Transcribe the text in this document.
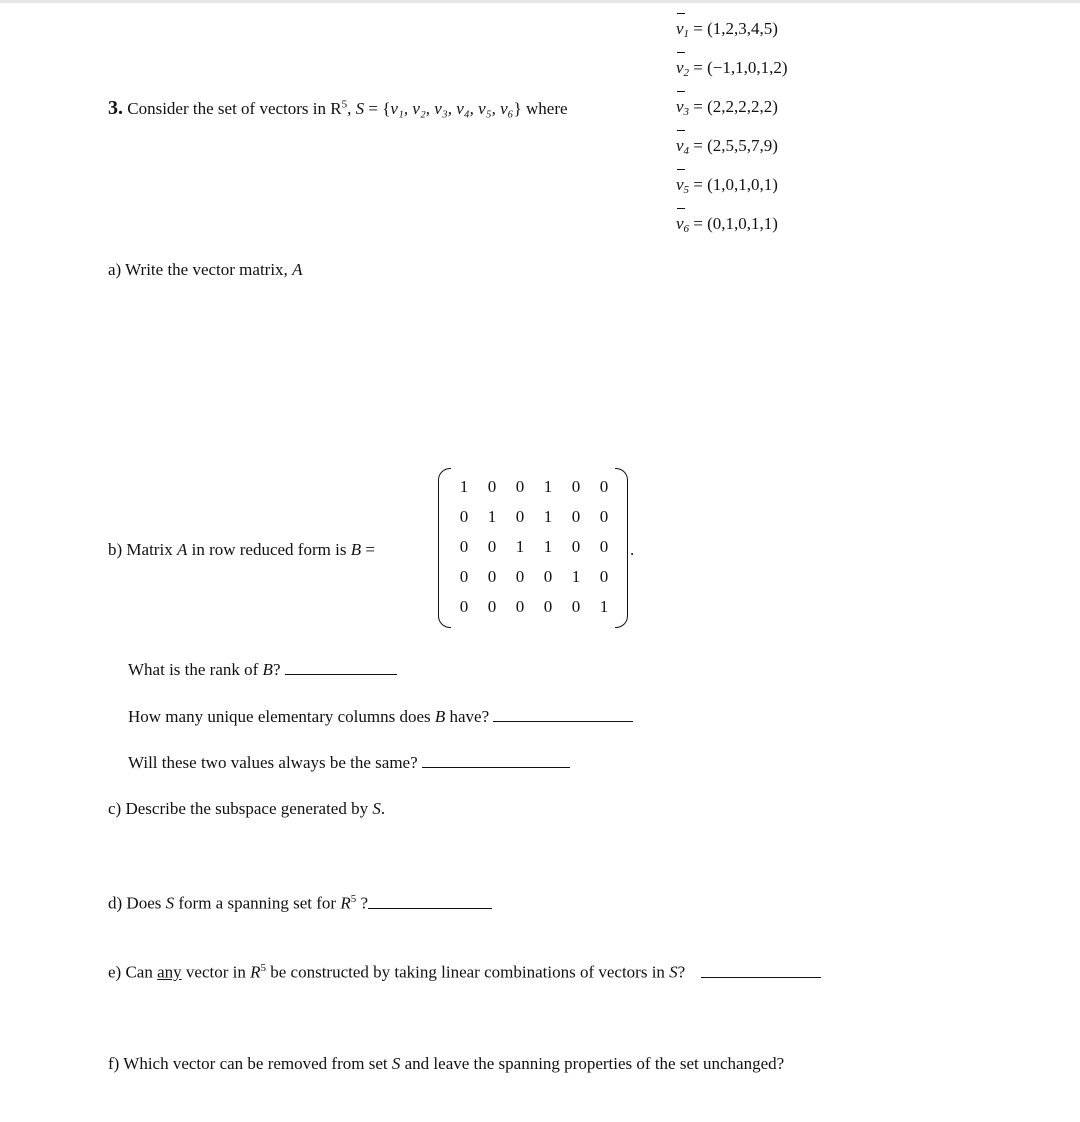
v1 = (1,2,3,4,5)
v2 = (−1,1,0,1,2)
v3 = (2,2,2,2,2)
v4 = (2,5,5,7,9)
v5 = (1,0,1,0,1)
v6 = (0,1,0,1,1)
3. Consider the set of vectors in $R^5$, S = {v₁, v₂, v₃, v₄, v₅, v₆} where
a) Write the vector matrix, A
b) Matrix A in row reduced form is B =
1	0	0	1	0	0
0	1	0	1	0	0
0	0	1	1	0	0
0	0	0	0	1	0
0	0	0	0	0	1
.
What is the rank of B?
How many unique elementary columns does B have?
Will these two values always be the same?
c) Describe the subspace generated by S.
d) Does S form a spanning set for $R^5$ ?
e) Can any vector in $R^5$ be constructed by taking linear combinations of vectors in S?
f) Which vector can be removed from set S and leave the spanning properties of the set unchanged?
